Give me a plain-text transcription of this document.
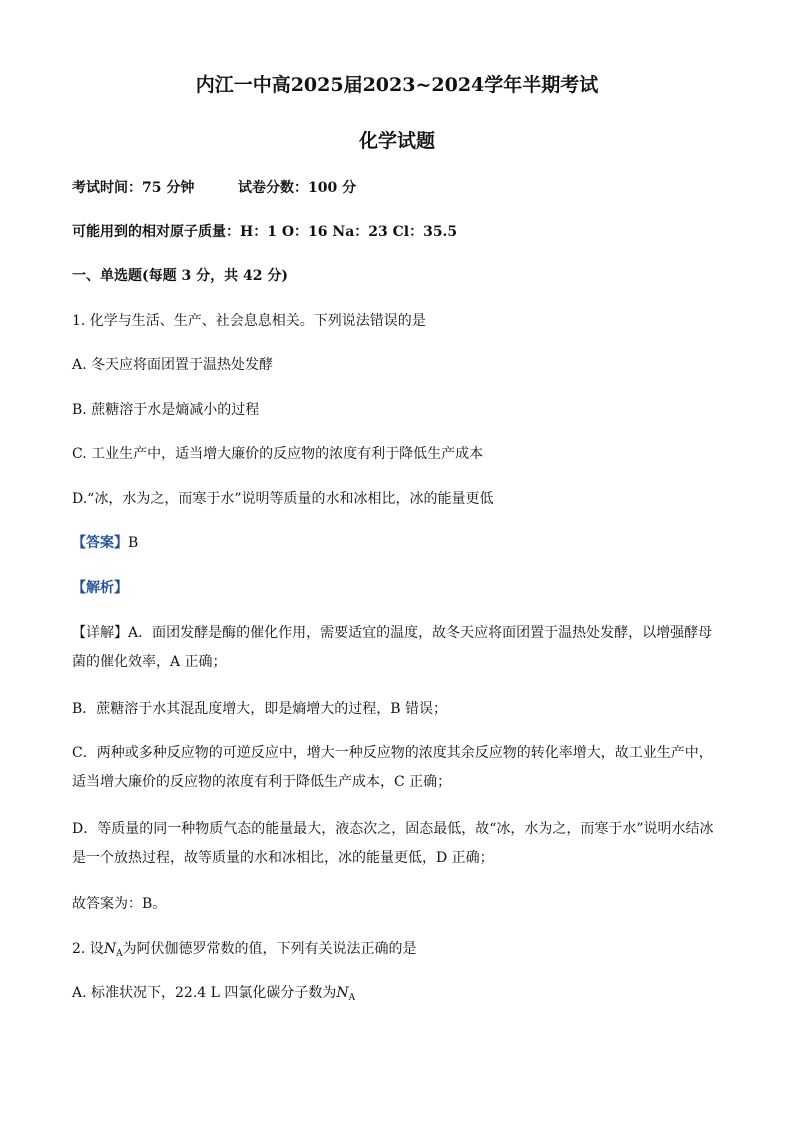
内江一中高2025届2023~2024学年半期考试
化学试题
考试时间：75 分钟	试卷分数：100 分
可能用到的相对原子质量：H：1 O：16 Na：23 Cl：35.5
一、单选题(每题 3 分，共 42 分)
1. 化学与生活、生产、社会息息相关。下列说法错误的是
A. 冬天应将面团置于温热处发酵
B. 蔗糖溶于水是熵减小的过程
C. 工业生产中，适当增大廉价的反应物的浓度有利于降低生产成本
D.“冰，水为之，而寒于水”说明等质量的水和冰相比，冰的能量更低
【答案】B
【解析】
【详解】A．面团发酵是酶的催化作用，需要适宜的温度，故冬天应将面团置于温热处发酵，以增强酵母菌的催化效率，A 正确；
B．蔗糖溶于水其混乱度增大，即是熵增大的过程，B 错误；
C．两种或多种反应物的可逆反应中，增大一种反应物的浓度其余反应物的转化率增大，故工业生产中，适当增大廉价的反应物的浓度有利于降低生产成本，C 正确；
D．等质量的同一种物质气态的能量最大，液态次之，固态最低，故“冰，水为之，而寒于水”说明水结冰是一个放热过程，故等质量的水和冰相比，冰的能量更低，D 正确；
故答案为：B。
2. 设$N_A$为阿伏伽德罗常数的值，下列有关说法正确的是
A. 标准状况下，22.4 L 四氯化碳分子数为$N_A$
